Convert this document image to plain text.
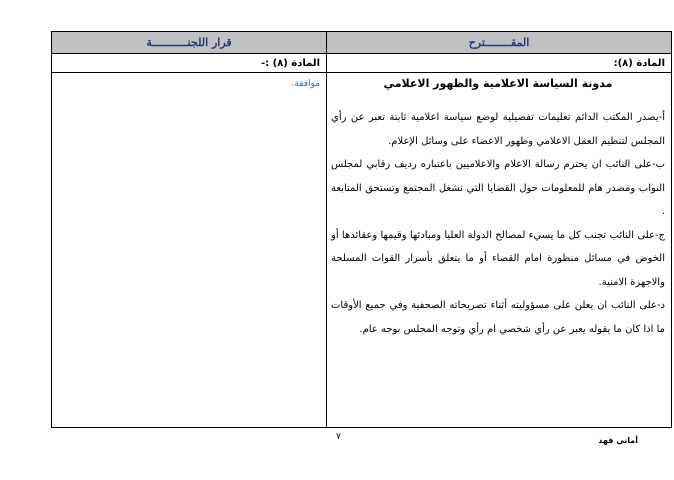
المقــــــــترح
قرار اللجنـــــــــــة
المادة (٨):
المادة (٨) :-
موافقة.	مدونة السياسة الاعلامية والظهور الاعلامي

أ-يصدر المكتب الدائم تعليمات تفصيلية لوضع سياسة اعلامية ثابتة تعبر عن رأي المجلس لتنظيم العمل الاعلامي وظهور الاعضاء على وسائل الإعلام.

ب-على النائب ان يحترم رسالة الاعلام والاعلاميين باعتباره رديف رقابي لمجلس النواب ومصدر هام للمعلومات حول القضايا التي تشغل المجتمع وتستحق المتابعة .

ج-على النائب تجنب كل ما يسيء لمصالح الدولة العليا ومبادئها وقيمها وعقائدها أو الخوض في مسائل منظورة امام القضاء أو ما يتعلق بأسرار القوات المسلحة والاجهزة الامنية.

د-على النائب ان يعلن على مسؤوليته أثناء تصريحاته الصحفية وفي جميع الأوقات ما اذا كان ما يقوله يعبر عن رأي شخصي ام رأي وتوجه المجلس بوجه عام.

٧	أماني فهد
